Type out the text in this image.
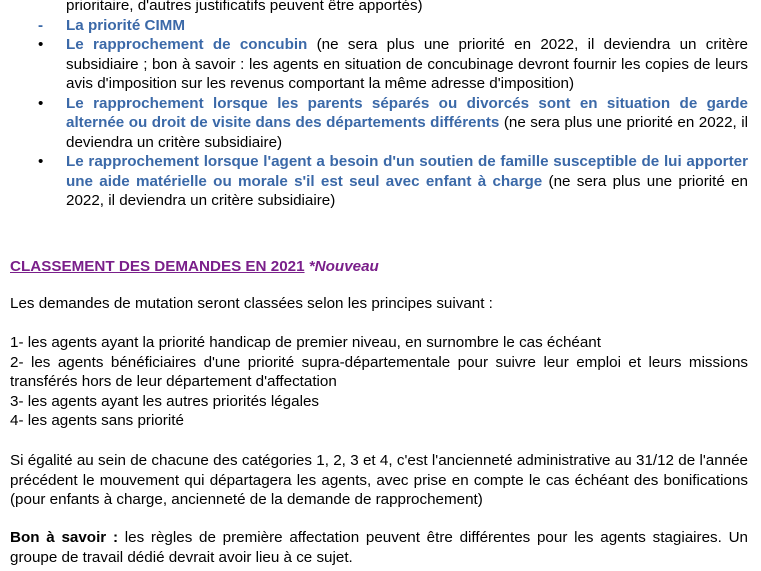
prioritaire, d'autres justificatifs peuvent être apportés)

-	La priorité CIMM

•	Le rapprochement de concubin (ne sera plus une priorité en 2022, il deviendra un critère subsidiaire ; bon à savoir : les agents en situation de concubinage devront fournir les copies de leurs avis d'imposition sur les revenus comportant la même adresse d'imposition)

•	Le rapprochement lorsque les parents séparés ou divorcés sont en situation de garde alternée ou droit de visite dans des départements différents (ne sera plus une priorité en 2022, il deviendra un critère subsidiaire)

•	Le rapprochement lorsque l'agent a besoin d'un soutien de famille susceptible de lui apporter une aide matérielle ou morale s'il est seul avec enfant à charge (ne sera plus une priorité en 2022, il deviendra un critère subsidiaire)

CLASSEMENT DES DEMANDES EN 2021 *Nouveau

Les demandes de mutation seront classées selon les principes suivant :

1- les agents ayant la priorité handicap de premier niveau, en surnombre le cas échéant
2- les agents bénéficiaires d'une priorité supra-départementale pour suivre leur emploi et leurs missions transférés hors de leur département d'affectation
3- les agents ayant les autres priorités légales
4- les agents sans priorité

Si égalité au sein de chacune des catégories 1, 2, 3 et 4, c'est l'ancienneté administrative au 31/12 de l'année précédent le mouvement qui départagera les agents, avec prise en compte le cas échéant des bonifications (pour enfants à charge, ancienneté de la demande de rapprochement)

Bon à savoir : les règles de première affectation peuvent être différentes pour les agents stagiaires. Un groupe de travail dédié devrait avoir lieu à ce sujet.
